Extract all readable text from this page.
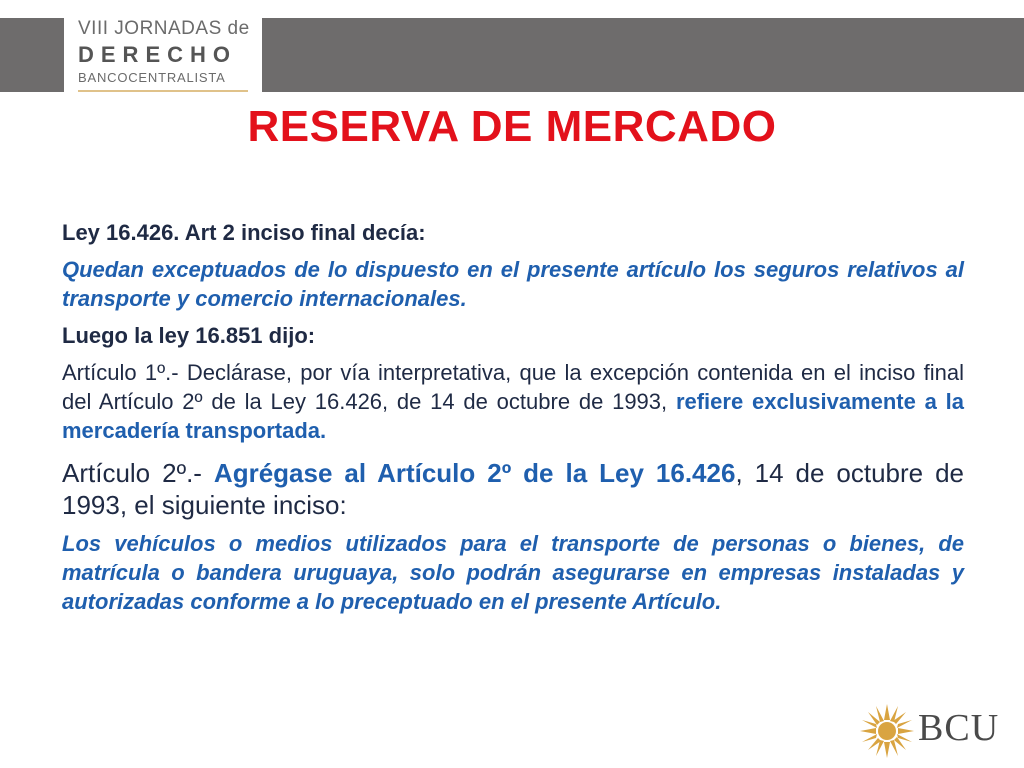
VIII JORNADAS de
DERECHO
BANCOCENTRALISTA
RESERVA DE MERCADO

Ley 16.426. Art 2 inciso final decía:

Quedan exceptuados de lo dispuesto en el presente artículo los seguros relativos al transporte y comercio internacionales.

Luego la ley 16.851 dijo:

Artículo 1º.- Declárase, por vía interpretativa, que la excepción contenida en el inciso final del Artículo 2º de la Ley 16.426, de 14 de octubre de 1993, refiere exclusivamente a la mercadería transportada.

Artículo 2º.- Agrégase al Artículo 2º de la Ley 16.426, 14 de octubre de 1993, el siguiente inciso:

Los vehículos o medios utilizados para el transporte de personas o bienes, de matrícula o bandera uruguaya, solo podrán asegurarse en empresas instaladas y autorizadas conforme a lo preceptuado en el presente Artículo.

BCU
